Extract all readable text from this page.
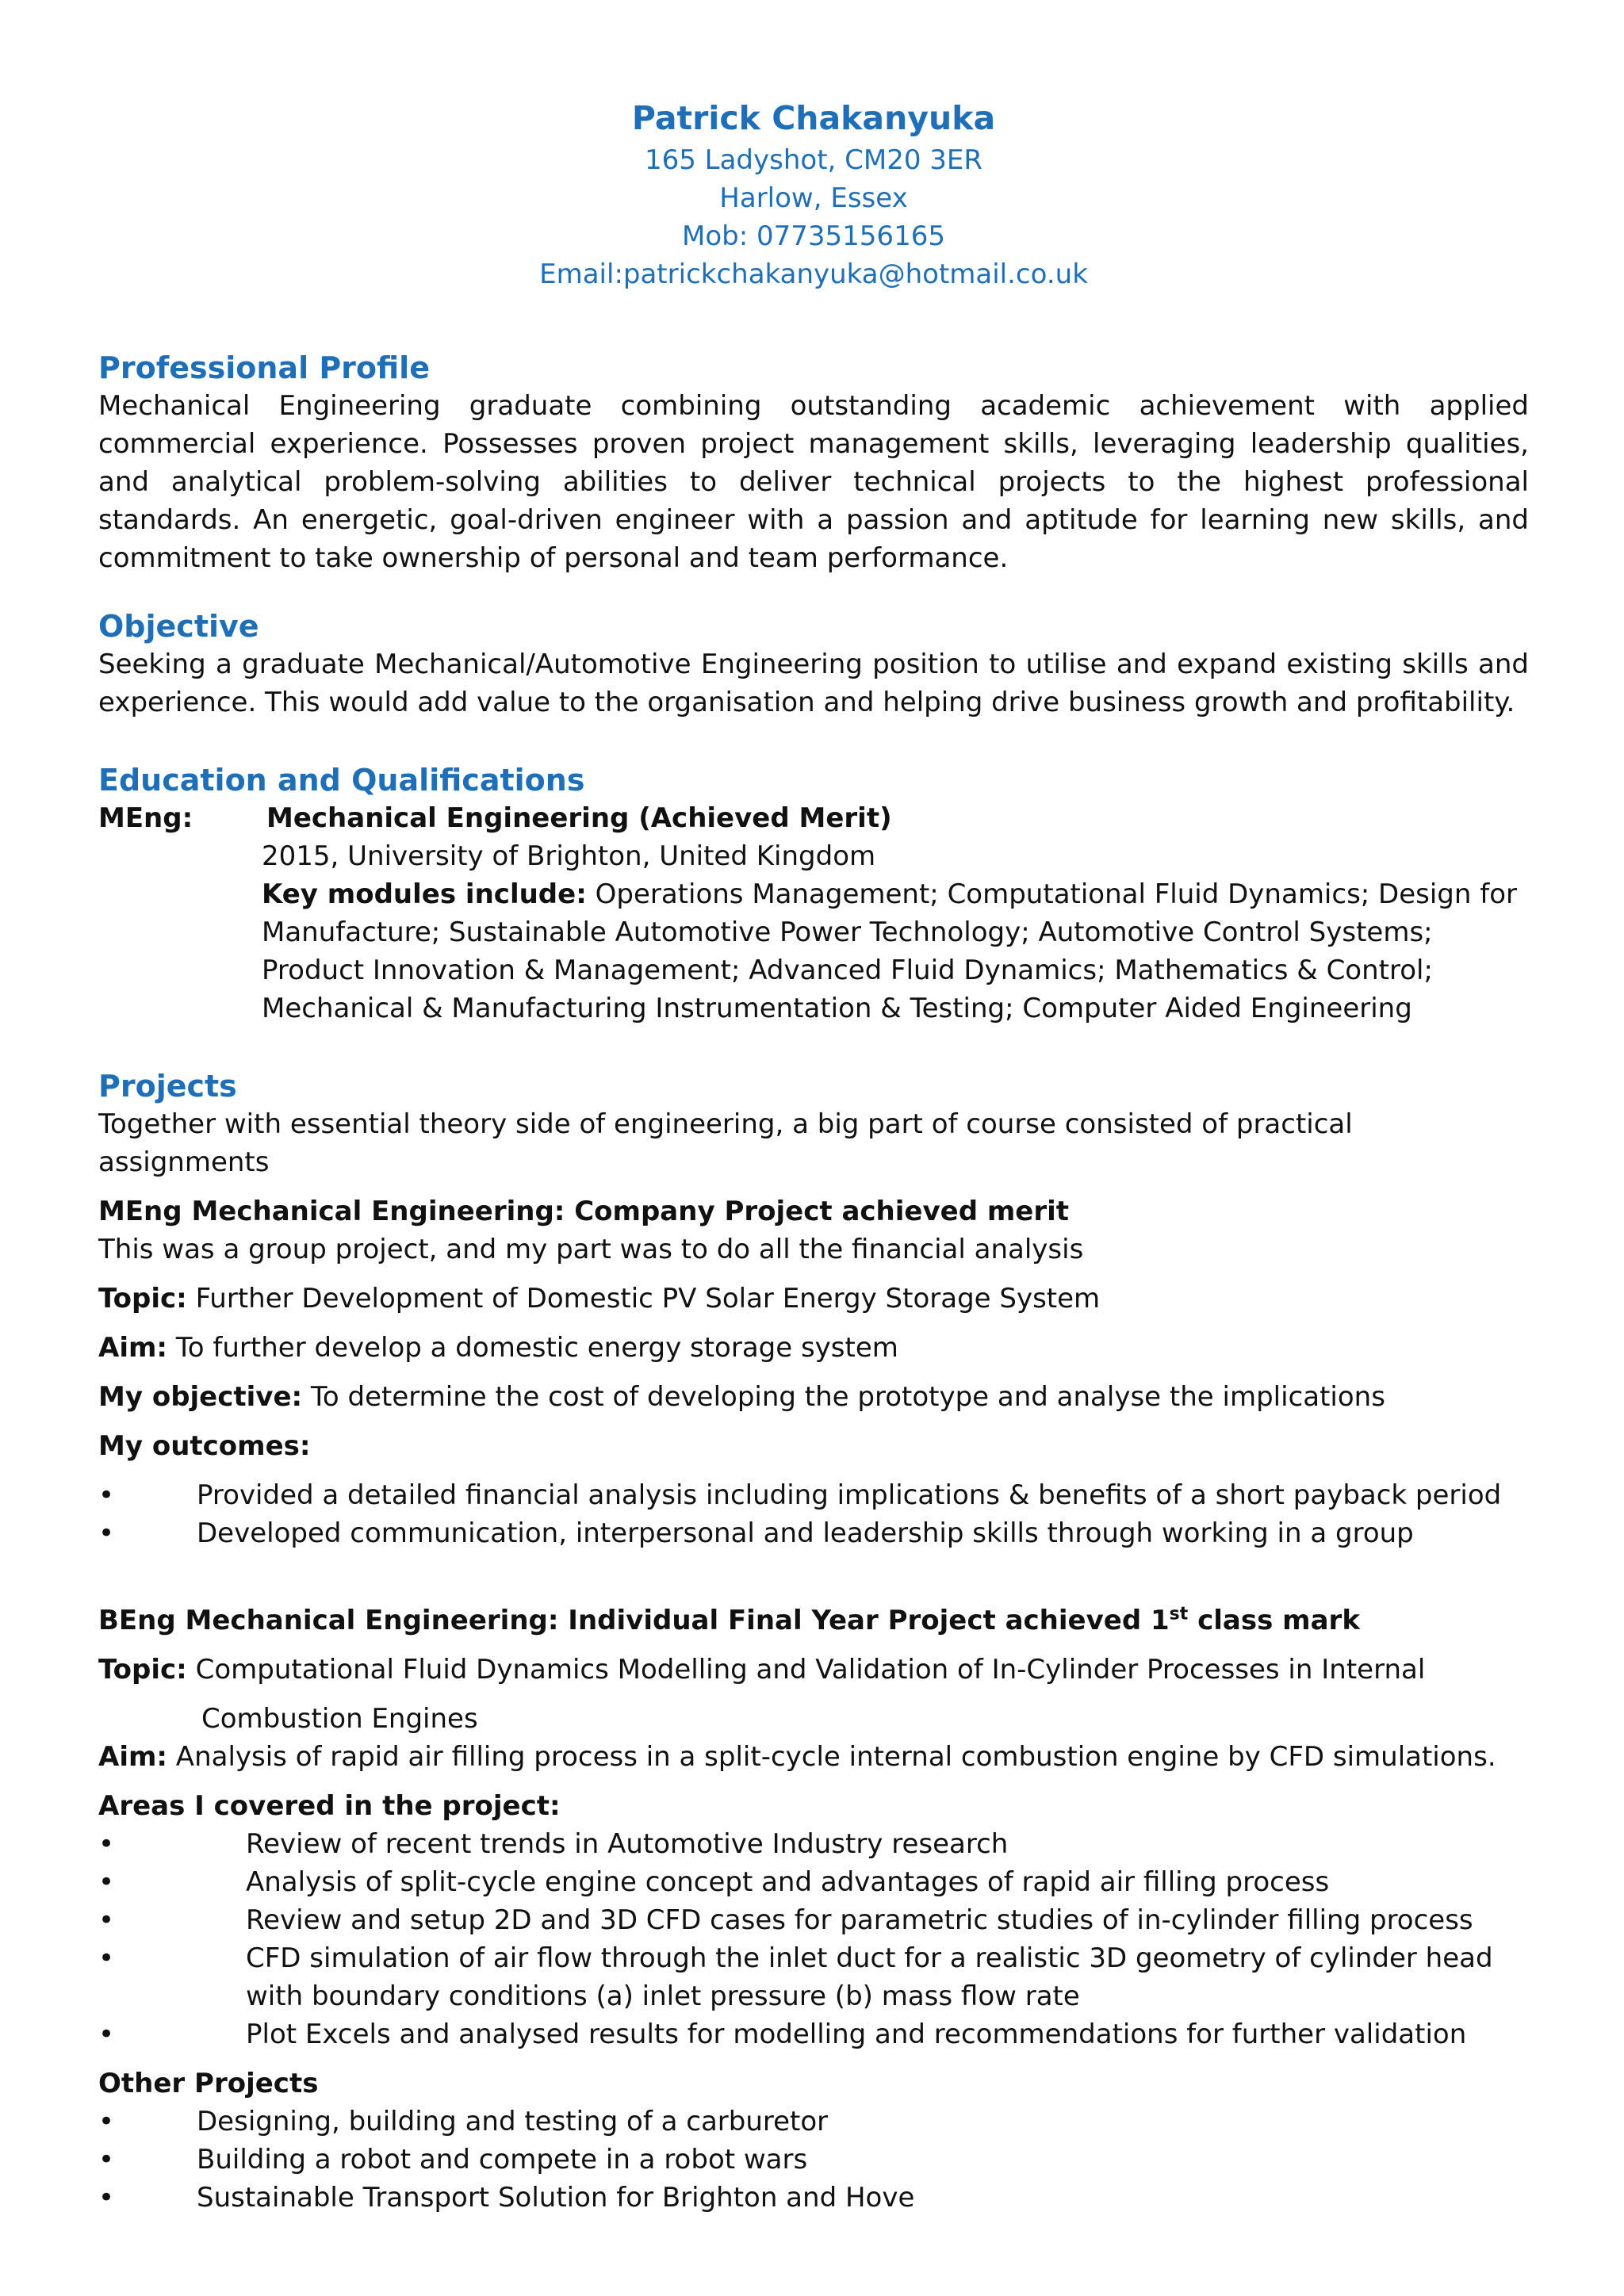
Patrick Chakanyuka
165 Ladyshot, CM20 3ER
Harlow, Essex
Mob: 07735156165
Email:patrickchakanyuka@hotmail.co.uk
Professional Profile

Mechanical Engineering graduate combining outstanding academic achievement with applied commercial experience. Possesses proven project management skills, leveraging leadership qualities, and analytical problem-solving abilities to deliver technical projects to the highest professional standards. An energetic, goal-driven engineer with a passion and aptitude for learning new skills, and commitment to take ownership of personal and team performance.

Objective

Seeking a graduate Mechanical/Automotive Engineering position to utilise and expand existing skills and experience. This would add value to the organisation and helping drive business growth and profitability.

Education and Qualifications
MEng:	Mechanical Engineering (Achieved Merit)
2015, University of Brighton, United Kingdom
Key modules include: Operations Management; Computational Fluid Dynamics; Design for
Manufacture; Sustainable Automotive Power Technology; Automotive Control Systems;
Product Innovation & Management; Advanced Fluid Dynamics; Mathematics & Control;
Mechanical & Manufacturing Instrumentation & Testing; Computer Aided Engineering
Projects
Together with essential theory side of engineering, a big part of course consisted of practical assignments
MEng Mechanical Engineering: Company Project achieved merit
This was a group project, and my part was to do all the financial analysis
Topic: Further Development of Domestic PV Solar Energy Storage System
Aim: To further develop a domestic energy storage system
My objective: To determine the cost of developing the prototype and analyse the implications
My outcomes:
•	Provided a detailed financial analysis including implications & benefits of a short payback period
•	Developed communication, interpersonal and leadership skills through working in a group
BEng Mechanical Engineering: Individual Final Year Project achieved 1st class mark
Topic: Computational Fluid Dynamics Modelling and Validation of In-Cylinder Processes in Internal
Combustion Engines
Aim: Analysis of rapid air filling process in a split-cycle internal combustion engine by CFD simulations.
Areas I covered in the project:
•	Review of recent trends in Automotive Industry research
•	Analysis of split-cycle engine concept and advantages of rapid air filling process
•	Review and setup 2D and 3D CFD cases for parametric studies of in-cylinder filling process
•	CFD simulation of air flow through the inlet duct for a realistic 3D geometry of cylinder head with boundary conditions (a) inlet pressure (b) mass flow rate
•	Plot Excels and analysed results for modelling and recommendations for further validation
Other Projects
•	Designing, building and testing of a carburetor
•	Building a robot and compete in a robot wars
•	Sustainable Transport Solution for Brighton and Hove
